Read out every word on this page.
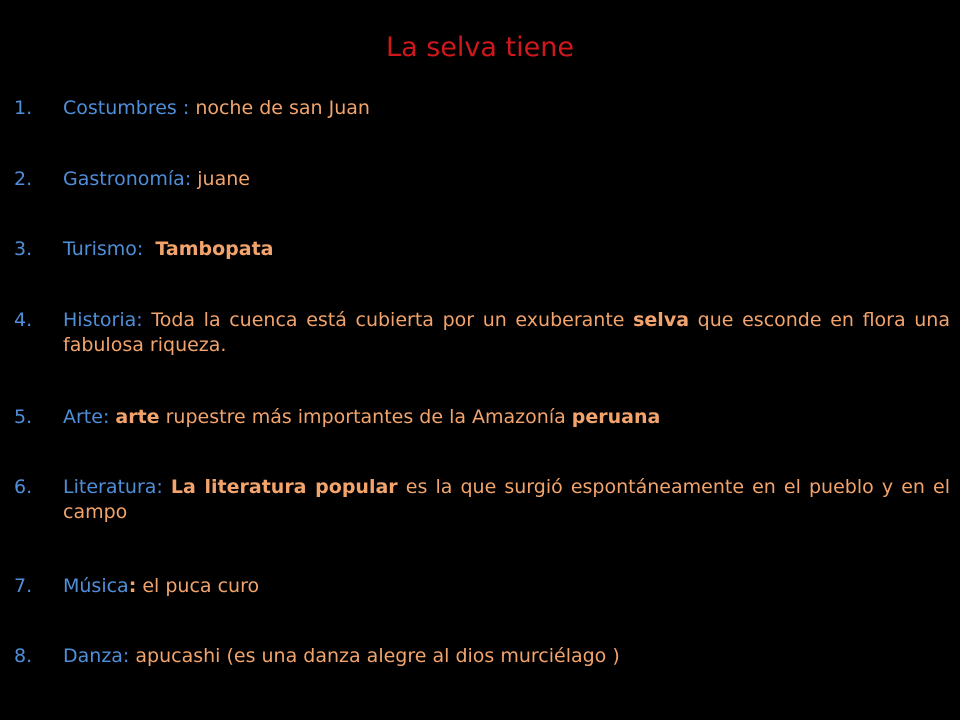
La selva tiene
1.	Costumbres : noche de san Juan
2.	Gastronomía: juane
3.	Turismo: Tambopata
4.	Historia: Toda la cuenca está cubierta por un exuberante selva que esconde en flora una fabulosa riqueza.
5.	Arte: arte rupestre más importantes de la Amazonía peruana
6.	Literatura: La literatura popular es la que surgió espontáneamente en el pueblo y en el campo
7.	Música: el puca curo
8.	Danza: apucashi (es una danza alegre al dios murciélago )
